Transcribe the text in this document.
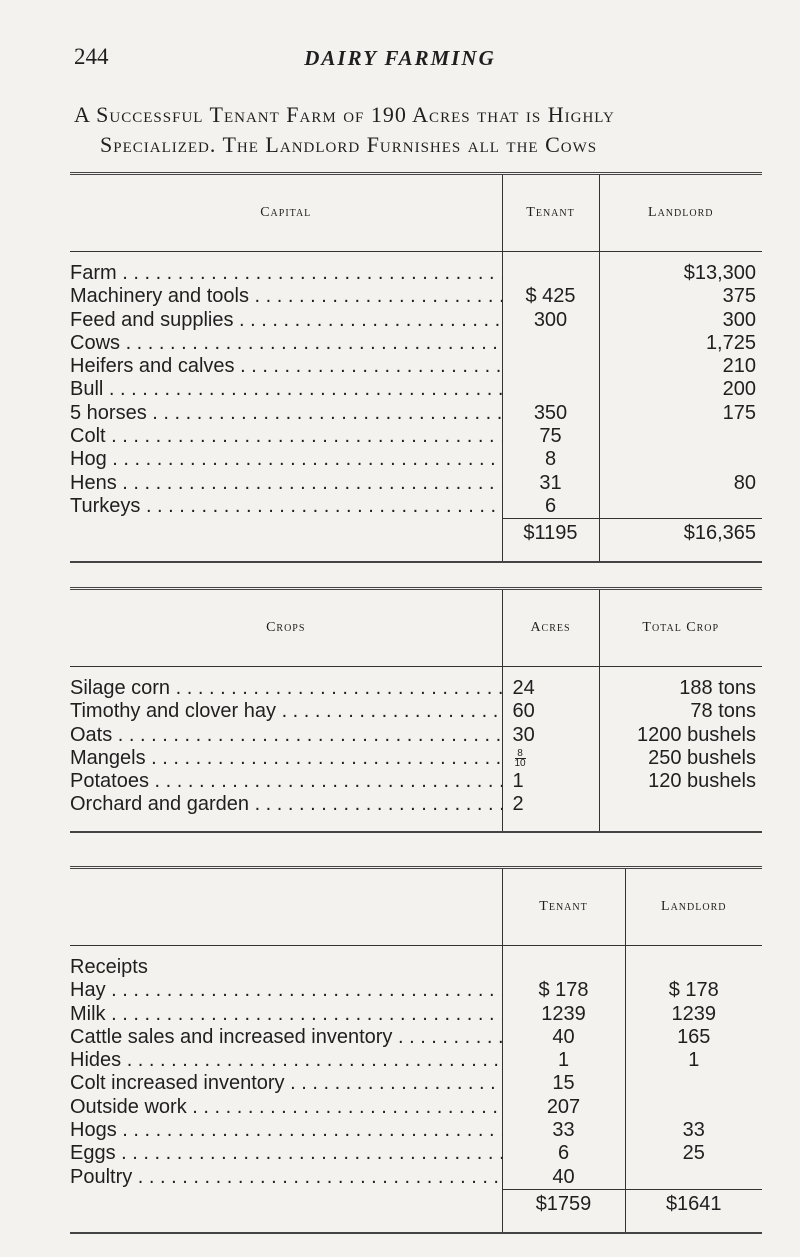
244	DAIRY FARMING
A Successful Tenant Farm of 190 Acres that is Highly
Specialized. The Landlord Furnishes all the Cows

Capital	Tenant	Landlord

Farm . . .		$13,300
Machinery and tools . . .	$ 425	375
Feed and supplies . . .	300	300
Cows . . .		1,725
Heifers and calves . . .		210
Bull . . .		200
5 horses . . .	350	175
Colt . . .	75	
Hog . . .	8	
Hens . . .	31	80
Turkeys . . .	6	
	$1195	$16,365

Crops	Acres	Total Crop

Silage corn . . .	24	188 tons
Timothy and clover hay . . .	60	78 tons
Oats . . .	30	1200 bushels
Mangels . . .	$\frac{8}{10}$	250 bushels
Potatoes . . .	1	120 bushels
Orchard and garden . . .	2	

	Tenant	Landlord

Receipts		
Hay . . .	$ 178	$ 178
Milk . . .	1239	1239
Cattle sales and increased inventory . . .	40	165
Hides . . .	1	1
Colt increased inventory . . .	15	
Outside work . . .	207	
Hogs . . .	33	33
Eggs . . .	6	25
Poultry . . .	40	
	$1759	$1641
